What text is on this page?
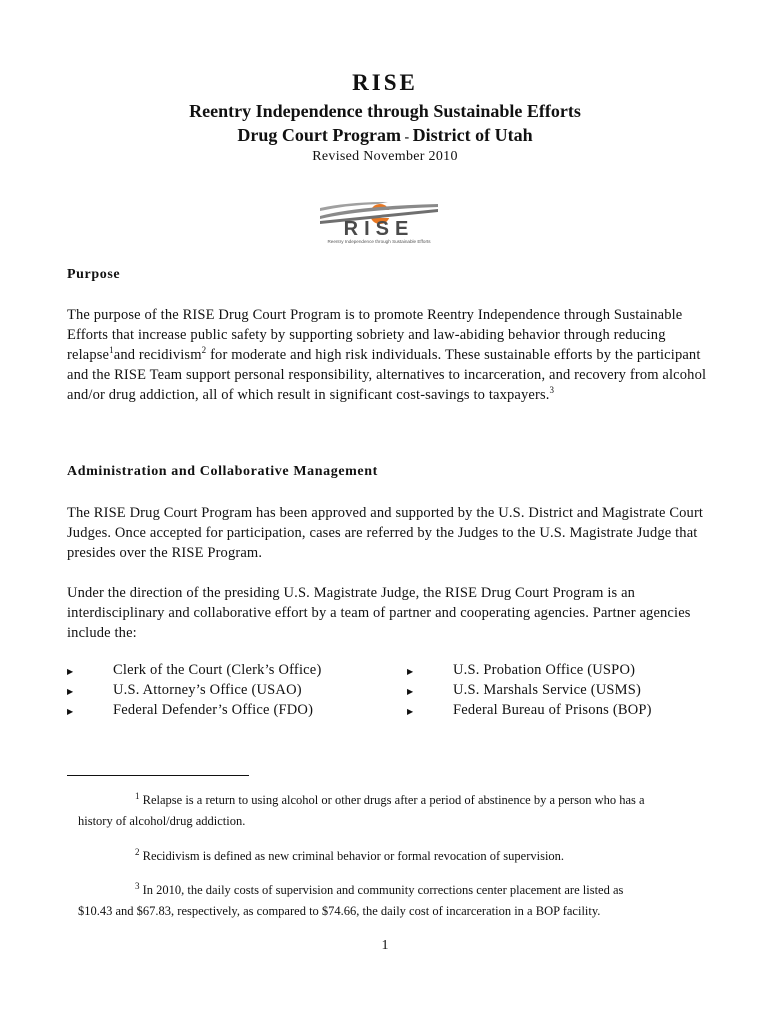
RISE
Reentry Independence through Sustainable Efforts
Drug Court Program - District of Utah
Revised November 2010
RISE
Reentry Independence through Sustainable Efforts
Purpose
The purpose of the RISE Drug Court Program is to promote Reentry Independence through Sustainable Efforts that increase public safety by supporting sobriety and law-abiding behavior through reducing relapse$^1$and recidivism$^2$ for moderate and high risk individuals. These sustainable efforts by the participant and the RISE Team support personal responsibility, alternatives to incarceration, and recovery from alcohol and/or drug addiction, all of which result in significant cost-savings to taxpayers.$^3$
Administration and Collaborative Management
The RISE Drug Court Program has been approved and supported by the U.S. District and Magistrate Court Judges. Once accepted for participation, cases are referred by the Judges to the U.S. Magistrate Judge that presides over the RISE Program.
Under the direction of the presiding U.S. Magistrate Judge, the RISE Drug Court Program is an interdisciplinary and collaborative effort by a team of partner and cooperating agencies. Partner agencies include the:
▶	Clerk of the Court (Clerk’s Office)	▶	U.S. Probation Office (USPO)
▶	U.S. Attorney’s Office (USAO)	▶	U.S. Marshals Service (USMS)
▶	Federal Defender’s Office (FDO)	▶	Federal Bureau of Prisons (BOP)
$^1$ Relapse is a return to using alcohol or other drugs after a period of abstinence by a person who has a
history of alcohol/drug addiction.
$^2$ Recidivism is defined as new criminal behavior or formal revocation of supervision.
$^3$ In 2010, the daily costs of supervision and community corrections center placement are listed as
$10.43 and $67.83, respectively, as compared to $74.66, the daily cost of incarceration in a BOP facility.
1
